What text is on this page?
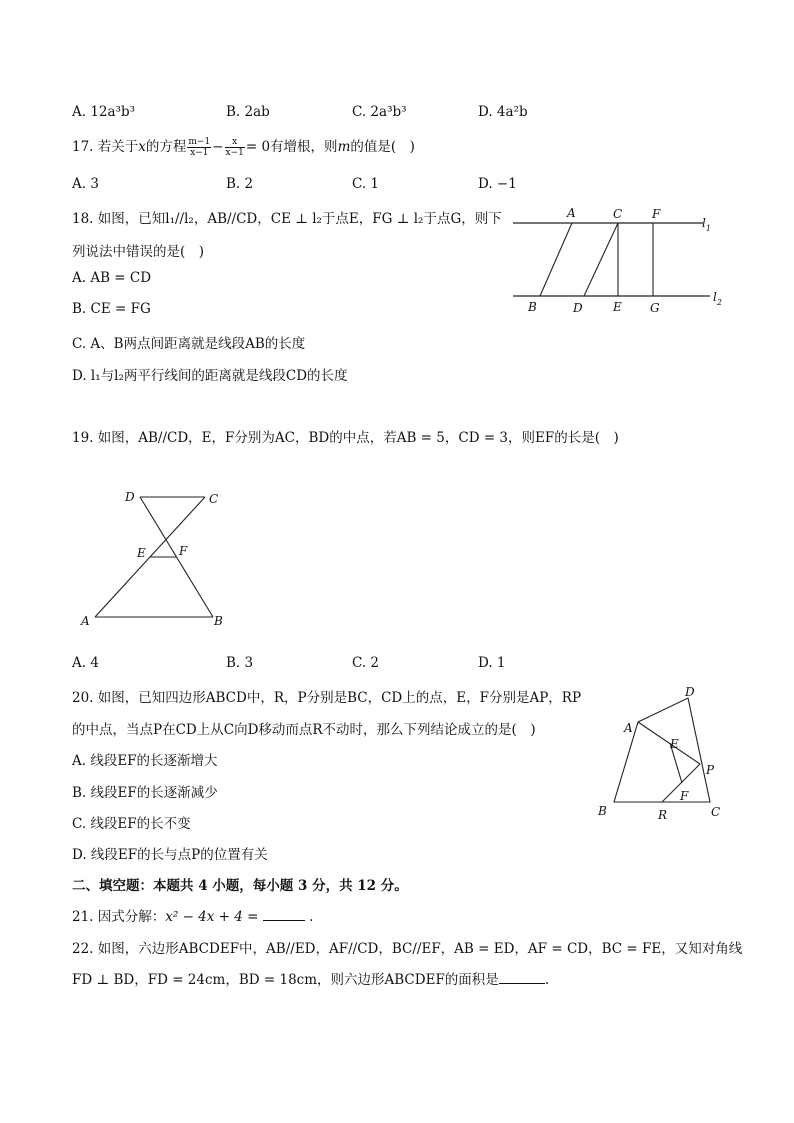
A. 12a³b³	B. 2ab	C. 2a³b³	D. 4a²b
17. 若关于x的方程 $\frac{m-1}{x-1} - \frac{x}{x-1} = 0$有增根，则m的值是(　)
A. 3	B. 2	C. 1	D. −1
18. 如图，已知l₁//l₂，AB//CD，CE ⊥ l₂于点E，FG ⊥ l₂于点G，则下
列说法中错误的是(　)
A. AB = CD
B. CE = FG
C. A、B两点间距离就是线段AB的长度
D. l₁与l₂两平行线间的距离就是线段CD的长度
A	C F
$l_1$
B	D	E G
$l_2$
19. 如图，AB//CD，E，F分别为AC，BD的中点，若AB = 5，CD = 3，则EF的长是(　)
D	C
E	F
A	B
A. 4	B. 3	C. 2	D. 1
20. 如图，已知四边形ABCD中，R，P分别是BC，CD上的点，E，F分别是AP，RP
的中点，当点P在CD上从C向D移动而点R不动时，那么下列结论成立的是(　)
A. 线段EF的长逐渐增大
B. 线段EF的长逐渐减少
C. 线段EF的长不变
D. 线段EF的长与点P的位置有关
D
A
E
P
F
B	R	C
二、填空题：本题共 4 小题，每小题 3 分，共 12 分。
21. 因式分解：x² − 4x + 4 =	.
22. 如图，六边形ABCDEF中，AB//ED，AF//CD，BC//EF，AB = ED，AF = CD，BC = FE，又知对角线
FD ⊥ BD，FD = 24cm，BD = 18cm，则六边形ABCDEF的面积是	.
